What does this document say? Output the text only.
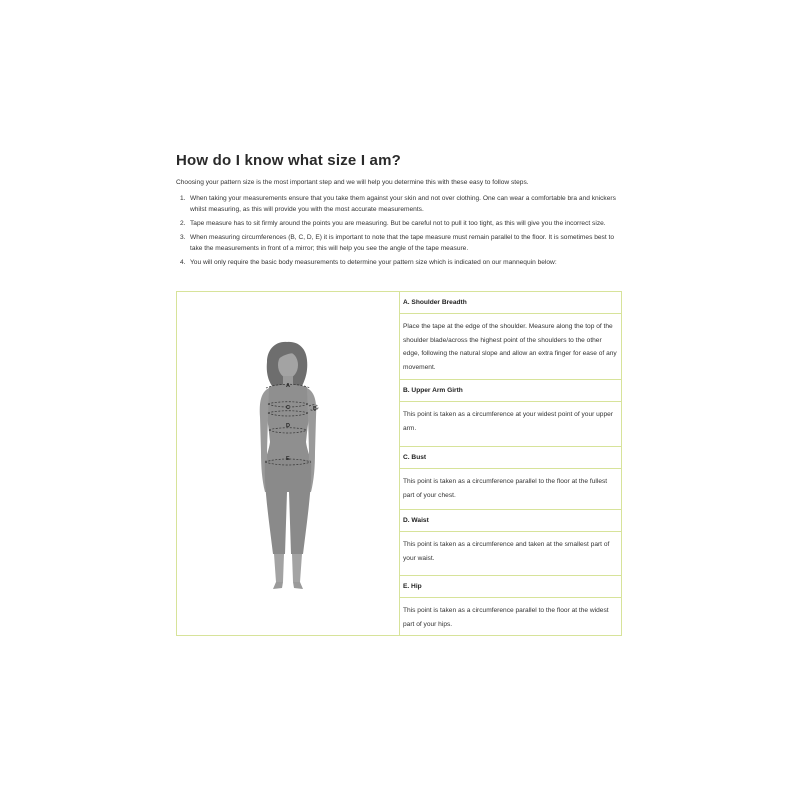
How do I know what size I am?

Choosing your pattern size is the most important step and we will help you determine this with these easy to follow steps.

1. When taking your measurements ensure that you take them against your skin and not over clothing. One can wear a comfortable bra and knickers whilst measuring, as this will provide you with the most accurate measurements.
2. Tape measure has to sit firmly around the points you are measuring. But be careful not to pull it too tight, as this will give you the incorrect size.
3. When measuring circumferences (B, C, D, E) it is important to note that the tape measure must remain parallel to the floor. It is sometimes best to take the measurements in front of a mirror; this will help you see the angle of the tape measure.
4. You will only require the basic body measurements to determine your pattern size which is indicated on our mannequin below:
A
B
C
D
E
A. Shoulder Breadth
Place the tape at the edge of the shoulder. Measure along the top of the shoulder blade/across the highest point of the shoulders to the other edge, following the natural slope and allow an extra finger for ease of any movement.
B. Upper Arm Girth
This point is taken as a circumference at your widest point of your upper arm.
C. Bust
This point is taken as a circumference parallel to the floor at the fullest part of your chest.
D. Waist
This point is taken as a circumference and taken at the smallest part of your waist.
E. Hip
This point is taken as a circumference parallel to the floor at the widest part of your hips.
